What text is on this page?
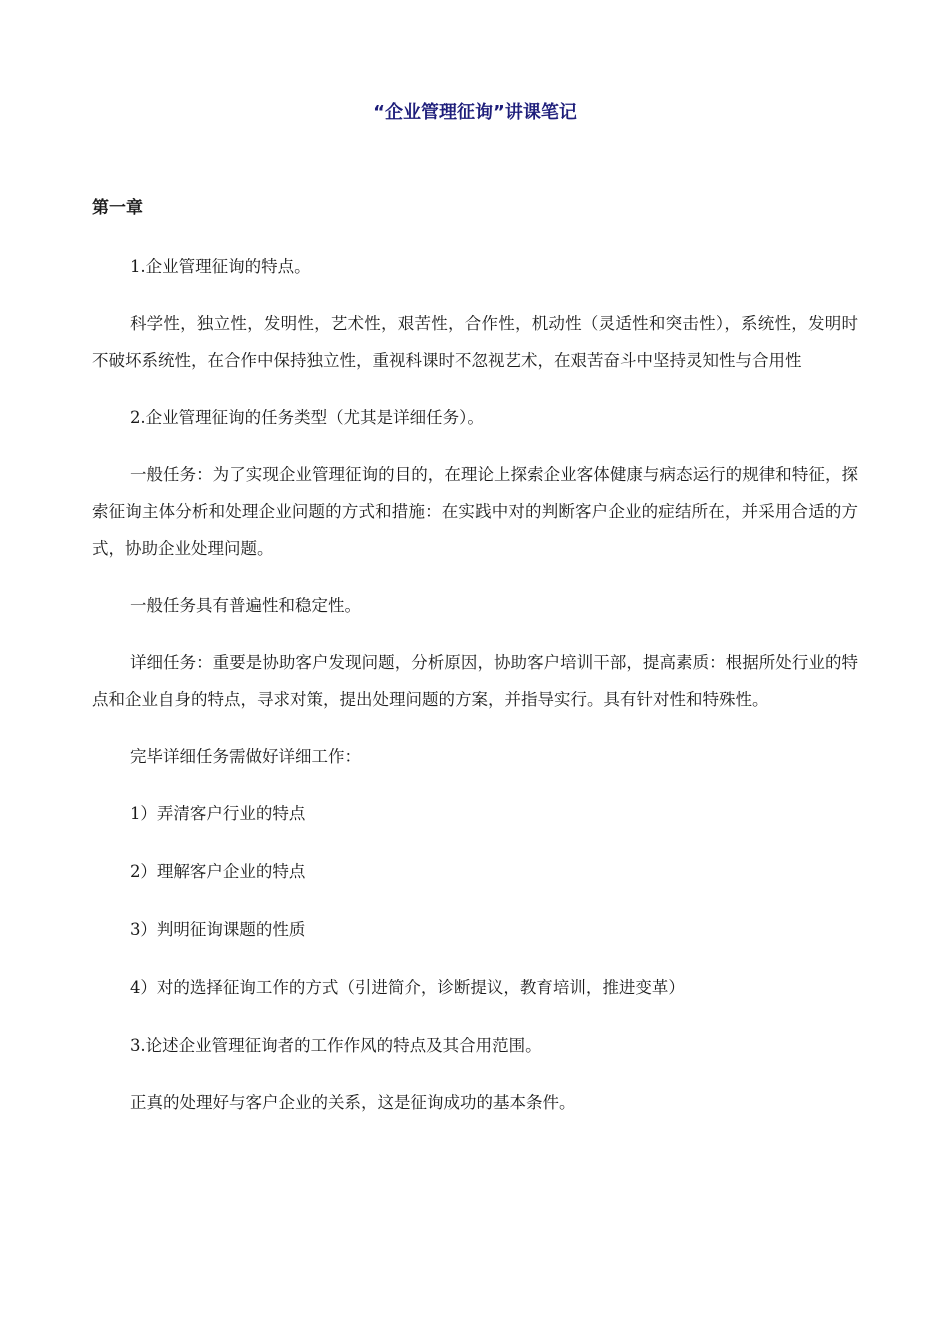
“企业管理征询”讲课笔记
第一章

1.企业管理征询的特点。

科学性，独立性，发明性，艺术性，艰苦性，合作性，机动性（灵适性和突击性），系统性，发明时不破坏系统性，在合作中保持独立性，重视科课时不忽视艺术，在艰苦奋斗中坚持灵知性与合用性

2.企业管理征询的任务类型（尤其是详细任务）。

一般任务：为了实现企业管理征询的目的，在理论上探索企业客体健康与病态运行的规律和特征，探索征询主体分析和处理企业问题的方式和措施：在实践中对的判断客户企业的症结所在，并采用合适的方式，协助企业处理问题。

一般任务具有普遍性和稳定性。

详细任务：重要是协助客户发现问题，分析原因，协助客户培训干部，提高素质：根据所处行业的特点和企业自身的特点，寻求对策，提出处理问题的方案，并指导实行。具有针对性和特殊性。

完毕详细任务需做好详细工作：

1）弄清客户行业的特点

2）理解客户企业的特点

3）判明征询课题的性质

4）对的选择征询工作的方式（引进简介，诊断提议，教育培训，推进变革）

3.论述企业管理征询者的工作作风的特点及其合用范围。

正真的处理好与客户企业的关系，这是征询成功的基本条件。
